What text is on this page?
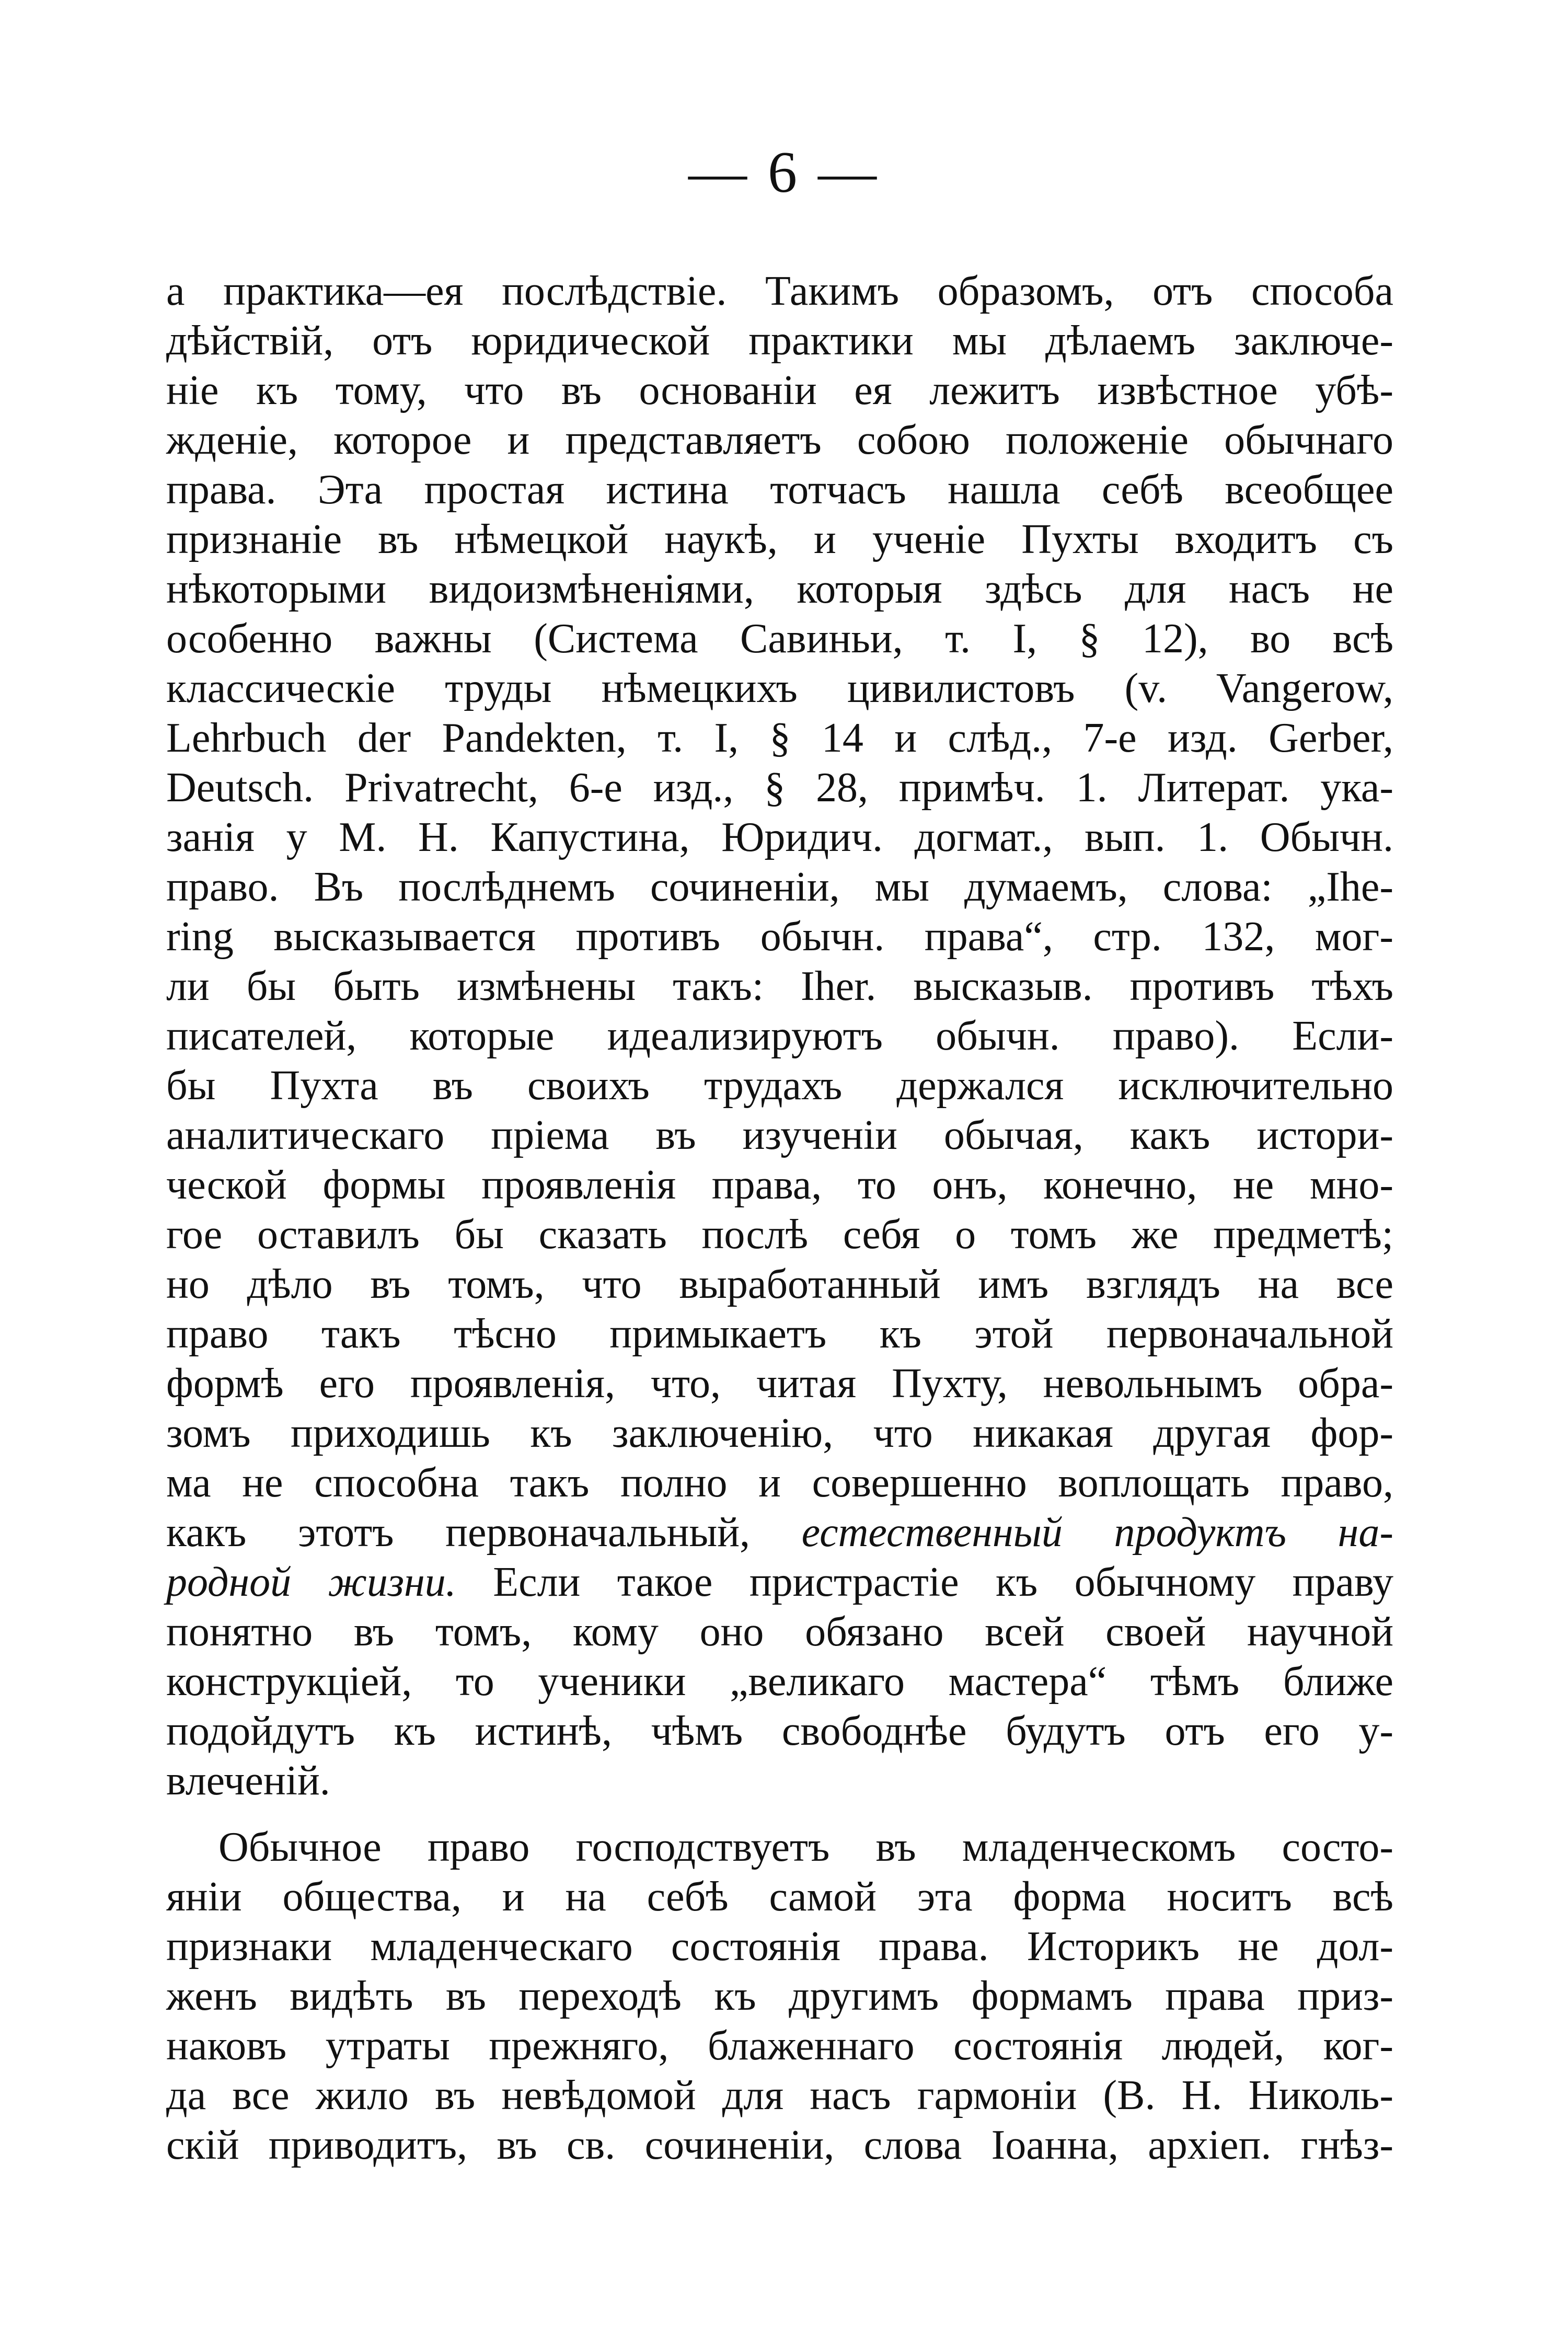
— 6 —
а практика—ея послѣдствіе. Такимъ образомъ, отъ способа
дѣйствій, отъ юридической практики мы дѣлаемъ заключе-
ніе къ тому, что въ основаніи ея лежитъ извѣстное убѣ-
жденіе, которое и представляетъ собою положеніе обычнаго
права. Эта простая истина тотчасъ нашла себѣ всеобщее
признаніе въ нѣмецкой наукѣ, и ученіе Пухты входитъ съ
нѣкоторыми видоизмѣненіями, которыя здѣсь для насъ не
особенно важны (Система Савиньи, т. I, § 12), во всѣ
классическіе труды нѣмецкихъ цивилистовъ (v. Vangerow,
Lehrbuch der Pandekten, т. I, § 14 и слѣд., 7-е изд. Gerber,
Deutsch. Privatrecht, 6-е изд., § 28, примѣч. 1. Литерат. ука-
занія у М. Н. Капустина, Юридич. догмат., вып. 1. Обычн.
право. Въ послѣднемъ сочиненіи, мы думаемъ, слова: „Ihe-
ring высказывается противъ обычн. права“, стр. 132, мог-
ли бы быть измѣнены такъ: Iher. высказыв. противъ тѣхъ
писателей, которые идеализируютъ обычн. право). Если-
бы Пухта въ своихъ трудахъ держался исключительно
аналитическаго пріема въ изученіи обычая, какъ истори-
ческой формы проявленія права, то онъ, конечно, не мно-
гое оставилъ бы сказать послѣ себя о томъ же предметѣ;
но дѣло въ томъ, что выработанный имъ взглядъ на все
право такъ тѣсно примыкаетъ къ этой первоначальной
формѣ его проявленія, что, читая Пухту, невольнымъ обра-
зомъ приходишь къ заключенію, что никакая другая фор-
ма не способна такъ полно и совершенно воплощать право,
какъ этотъ первоначальный, естественный продуктъ на-
родной жизни. Если такое пристрастіе къ обычному праву
понятно въ томъ, кому оно обязано всей своей научной
конструкціей, то ученики „великаго мастера“ тѣмъ ближе
подойдутъ къ истинѣ, чѣмъ свободнѣе будутъ отъ его у-
влеченій.
Обычное право господствуетъ въ младенческомъ состо-
яніи общества, и на себѣ самой эта форма носитъ всѣ
признаки младенческаго состоянія права. Историкъ не дол-
женъ видѣть въ переходѣ къ другимъ формамъ права приз-
наковъ утраты прежняго, блаженнаго состоянія людей, ког-
да все жило въ невѣдомой для насъ гармоніи (В. Н. Николь-
скій приводитъ, въ св. сочиненіи, слова Іоанна, архіеп. гнѣз-
